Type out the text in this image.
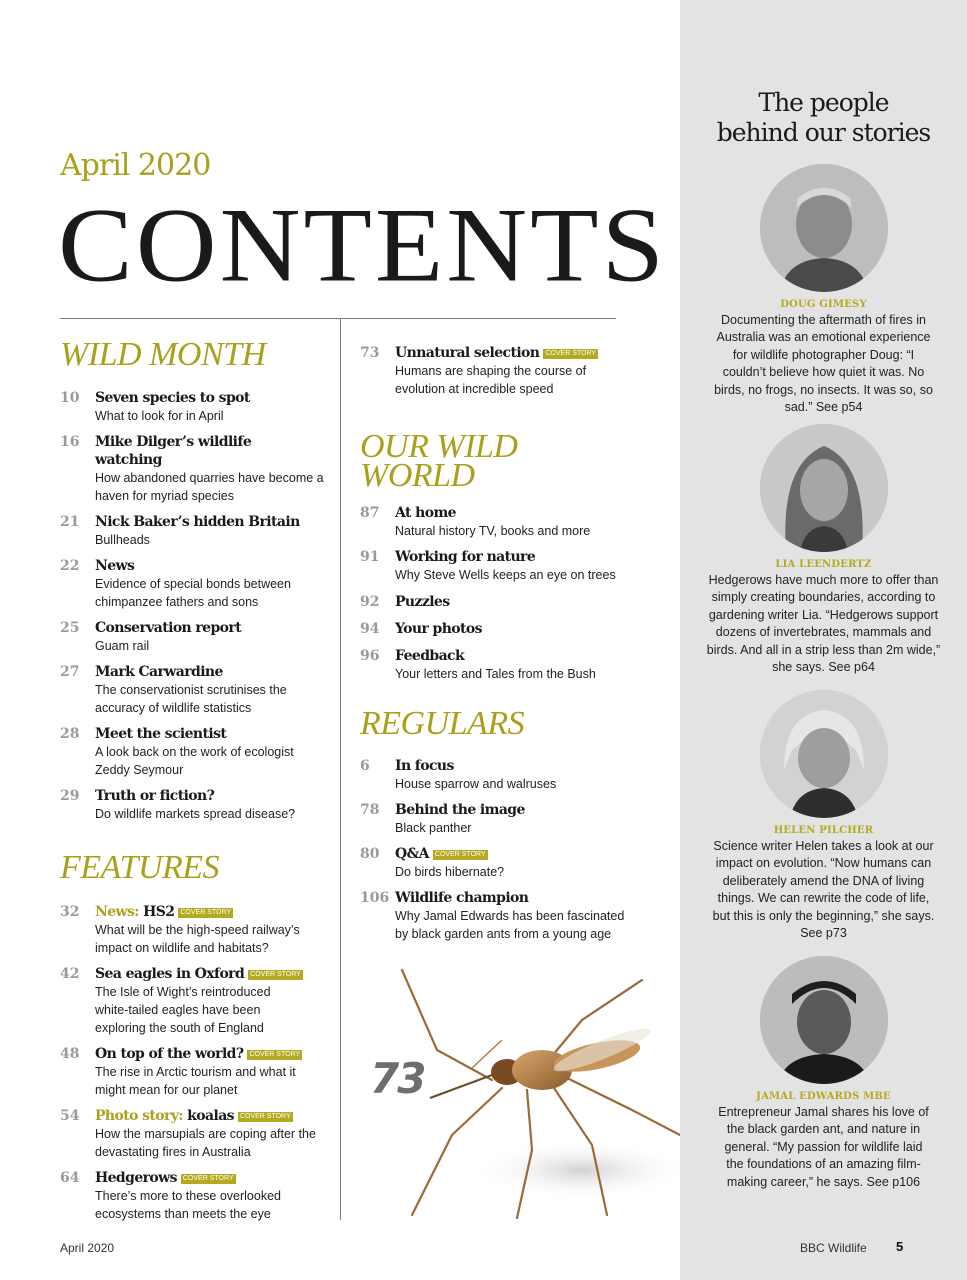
April 2020
CONTENTS
WILD MONTH
10	Seven species to spot
What to look for in April
16	Mike Dilger’s wildlife watching
How abandoned quarries have become a haven for myriad species
21	Nick Baker’s hidden Britain
Bullheads
22	News
Evidence of special bonds between chimpanzee fathers and sons
25	Conservation report
Guam rail
27	Mark Carwardine
The conservationist scrutinises the accuracy of wildlife statistics
28	Meet the scientist
A look back on the work of ecologist Zeddy Seymour
29	Truth or fiction?
Do wildlife markets spread disease?
FEATURES
32	News: HS2 COVER STORY
What will be the high-speed railway’s impact on wildlife and habitats?
42	Sea eagles in Oxford COVER STORY
The Isle of Wight’s reintroduced white-tailed eagles have been exploring the south of England
48	On top of the world? COVER STORY
The rise in Arctic tourism and what it might mean for our planet
54	Photo story: koalas COVER STORY
How the marsupials are coping after the devastating fires in Australia
64	Hedgerows COVER STORY
There’s more to these overlooked ecosystems than meets the eye
73	Unnatural selection COVER STORY
Humans are shaping the course of evolution at incredible speed
OUR WILD
WORLD
87	At home
Natural history TV, books and more
91	Working for nature
Why Steve Wells keeps an eye on trees
92	Puzzles
94	Your photos
96	Feedback
Your letters and Tales from the Bush
REGULARS
6	In focus
House sparrow and walruses
78	Behind the image
Black panther
80	Q&A COVER STORY
Do birds hibernate?
106 Wildlife champion
Why Jamal Edwards has been fascinated by black garden ants from a young age
73
The people
behind our stories
DOUG GIMESY
Documenting the aftermath of fires in Australia was an emotional experience for wildlife photographer Doug: “I couldn’t believe how quiet it was. No birds, no frogs, no insects. It was so, so sad.” See p54
LIA LEENDERTZ
Hedgerows have much more to offer than simply creating boundaries, according to gardening writer Lia. “Hedgerows support dozens of invertebrates, mammals and birds. And all in a strip less than 2m wide,” she says. See p64
HELEN PILCHER
Science writer Helen takes a look at our impact on evolution. “Now humans can deliberately amend the DNA of living things. We can rewrite the code of life, but this is only the beginning,” she says. See p73
JAMAL EDWARDS MBE
Entrepreneur Jamal shares his love of the black garden ant, and nature in general. “My passion for wildlife laid the foundations of an amazing film-making career,” he says. See p106
April 2020	BBC Wildlife 5
